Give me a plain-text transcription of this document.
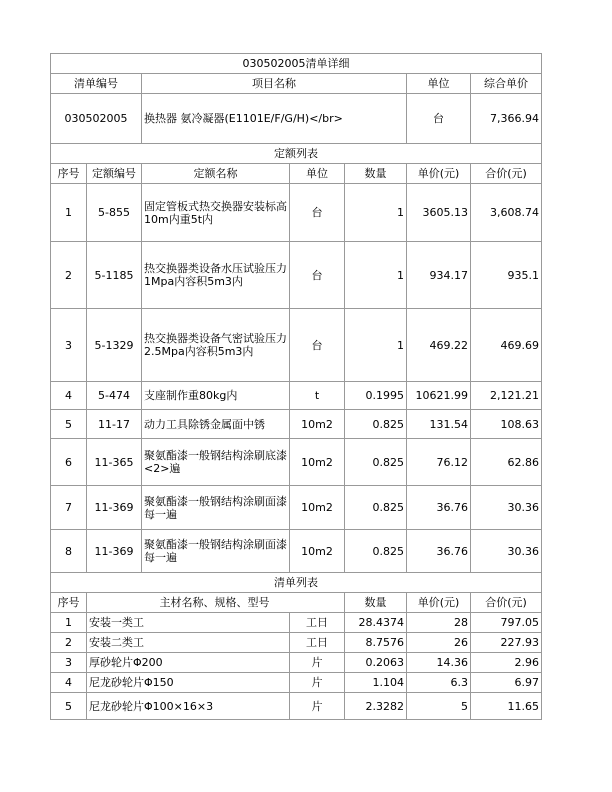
030502005清单详细						
清单编号		项目名称			单位	综合单价
030502005		换热器 氨冷凝器(E1101E/F/G/H)</br>			台	7,366.94
定额列表						
序号	定额编号	定额名称	单位	数量	单价(元)	合价(元)
1	5-855	固定管板式热交换器安装标高10m内重5t内	台	1	3605.13	3,608.74
2	5-1185	热交换器类设备水压试验压力1Mpa内容积5m3内	台	1	934.17	935.1
3	5-1329	热交换器类设备气密试验压力2.5Mpa内容积5m3内	台	1	469.22	469.69
4	5-474	支座制作重80kg内	t	0.1995	10621.99	2,121.21
5	11-17	动力工具除锈金属面中锈	10m2	0.825	131.54	108.63
6	11-365	聚氨酯漆一般钢结构涂刷底漆<2>遍	10m2	0.825	76.12	62.86
7	11-369	聚氨酯漆一般钢结构涂刷面漆每一遍	10m2	0.825	36.76	30.36
8	11-369	聚氨酯漆一般钢结构涂刷面漆每一遍	10m2	0.825	36.76	30.36
清单列表						
序号	主材名称、规格、型号			数量	单价(元)	合价(元)
1	安装一类工		工日	28.4374	28	797.05
2	安装二类工		工日	8.7576	26	227.93
3	厚砂轮片Φ200		片	0.2063	14.36	2.96
4	尼龙砂轮片Φ150		片	1.104	6.3	6.97
5	尼龙砂轮片Φ100×16×3		片	2.3282	5	11.65
